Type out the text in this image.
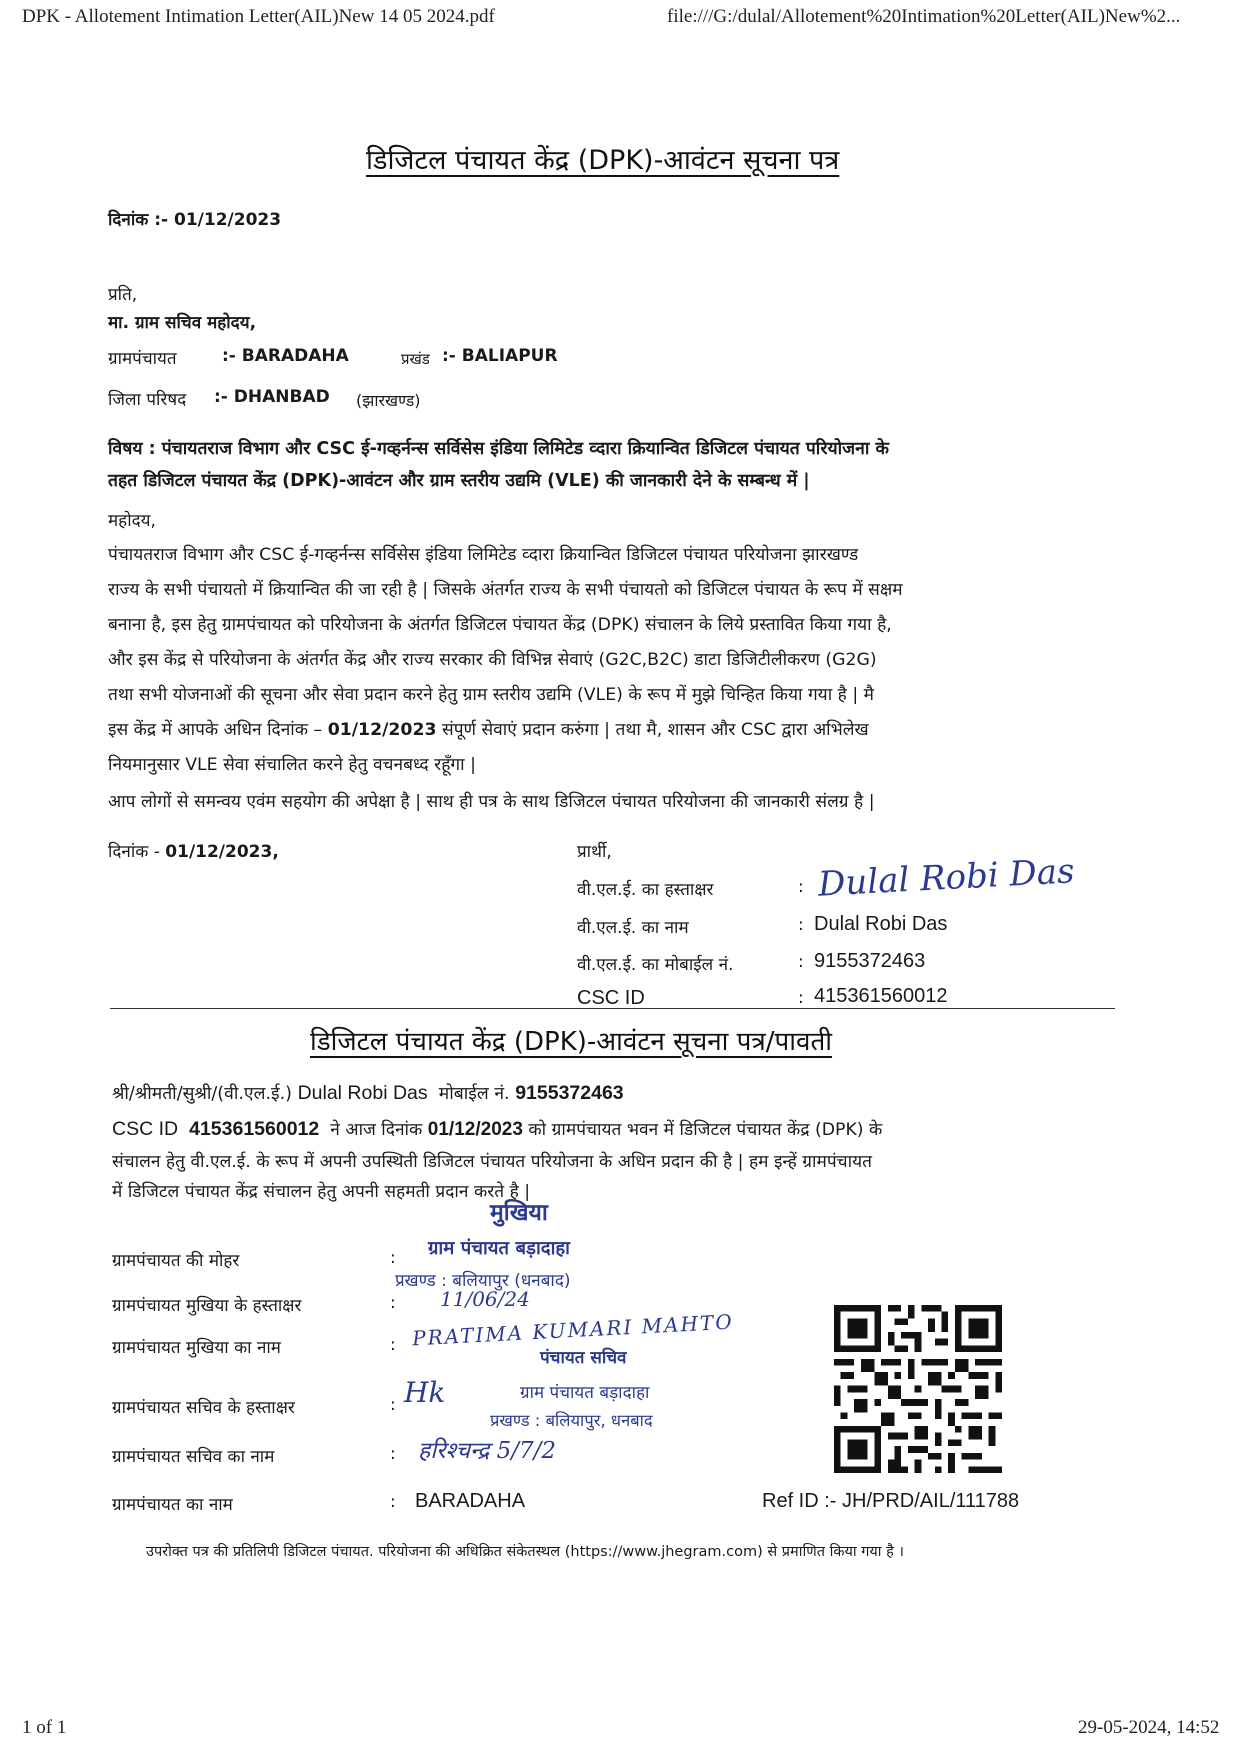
DPK - Allotement Intimation Letter(AIL)New 14 05 2024.pdf	file:///G:/dulal/Allotement%20Intimation%20Letter(AIL)New%2...
डिजिटल पंचायत केंद्र (DPK)-आवंटन सूचना पत्र
दिनांक :- 01/12/2023
प्रति,
मा. ग्राम सचिव महोदय,
ग्रामपंचायत	:- BARADAHA	प्रखंड :- BALIAPUR
जिला परिषद :- DHANBAD (झारखण्ड)
विषय : पंचायतराज विभाग और CSC ई-गव्हर्नन्स सर्विसेस इंडिया लिमिटेड व्दारा क्रियान्वित डिजिटल पंचायत परियोजना के
तहत डिजिटल पंचायत केंद्र (DPK)-आवंटन और ग्राम स्तरीय उद्यमि (VLE) की जानकारी देने के सम्बन्ध में |
महोदय,
पंचायतराज विभाग और CSC ई-गव्हर्नन्स सर्विसेस इंडिया लिमिटेड व्दारा क्रियान्वित डिजिटल पंचायत परियोजना झारखण्ड
राज्य के सभी पंचायतो में क्रियान्वित की जा रही है | जिसके अंतर्गत राज्य के सभी पंचायतो को डिजिटल पंचायत के रूप में सक्षम
बनाना है, इस हेतु ग्रामपंचायत को परियोजना के अंतर्गत डिजिटल पंचायत केंद्र (DPK) संचालन के लिये प्रस्तावित किया गया है,
और इस केंद्र से परियोजना के अंतर्गत केंद्र और राज्य सरकार की विभिन्न सेवाएं (G2C,B2C) डाटा डिजिटीलीकरण (G2G)
तथा सभी योजनाओं की सूचना और सेवा प्रदान करने हेतु ग्राम स्तरीय उद्यमि (VLE) के रूप में मुझे चिन्हित किया गया है | मै
इस केंद्र में आपके अधिन दिनांक – 01/12/2023 संपूर्ण सेवाएं प्रदान करुंगा | तथा मै, शासन और CSC द्वारा अभिलेख
नियमानुसार VLE सेवा संचालित करने हेतु वचनबध्द रहूँगा |
आप लोगों से समन्वय एवंम सहयोग की अपेक्षा है | साथ ही पत्र के साथ डिजिटल पंचायत परियोजना की जानकारी संलग्र है |
दिनांक - 01/12/2023,	प्रार्थी,
वी.एल.ई. का हस्ताक्षर	: Dulal Robi Das
वी.एल.ई. का नाम	: Dulal Robi Das
वी.एल.ई. का मोबाईल नं.	: 9155372463
CSC ID	: 415361560012
डिजिटल पंचायत केंद्र (DPK)-आवंटन सूचना पत्र/पावती
श्री/श्रीमती/सुश्री/(वी.एल.ई.) Dulal Robi Das मोबाईल नं. 9155372463
CSC ID 415361560012 ने आज दिनांक 01/12/2023 को ग्रामपंचायत भवन में डिजिटल पंचायत केंद्र (DPK) के
संचालन हेतु वी.एल.ई. के रूप में अपनी उपस्थिती डिजिटल पंचायत परियोजना के अधिन प्रदान की है | हम इन्हें ग्रामपंचायत
में डिजिटल पंचायत केंद्र संचालन हेतु अपनी सहमती प्रदान करते है |
ग्रामपंचायत की मोहर	:
ग्रामपंचायत मुखिया के हस्ताक्षर	:
ग्रामपंचायत मुखिया का नाम	:
ग्रामपंचायत सचिव के हस्ताक्षर	:
ग्रामपंचायत सचिव का नाम	:
ग्रामपंचायत का नाम	: BARADAHA
मुखिया
ग्राम पंचायत बड़ादाहा
प्रखण्ड : बलियापुर (धनबाद)
11/06/24
PRATIMA KUMARI MAHTO
पंचायत सचिव
Hk	ग्राम पंचायत बड़ादाहा
प्रखण्ड : बलियापुर, धनबाद
हरिश्चन्द्र 5/7/2
Ref ID :- JH/PRD/AIL/111788
उपरोक्त पत्र की प्रतिलिपी डिजिटल पंचायत. परियोजना की अधिक्रित संकेतस्थल (https://www.jhegram.com) से प्रमाणित किया गया है ।
1 of 1	29-05-2024, 14:52
